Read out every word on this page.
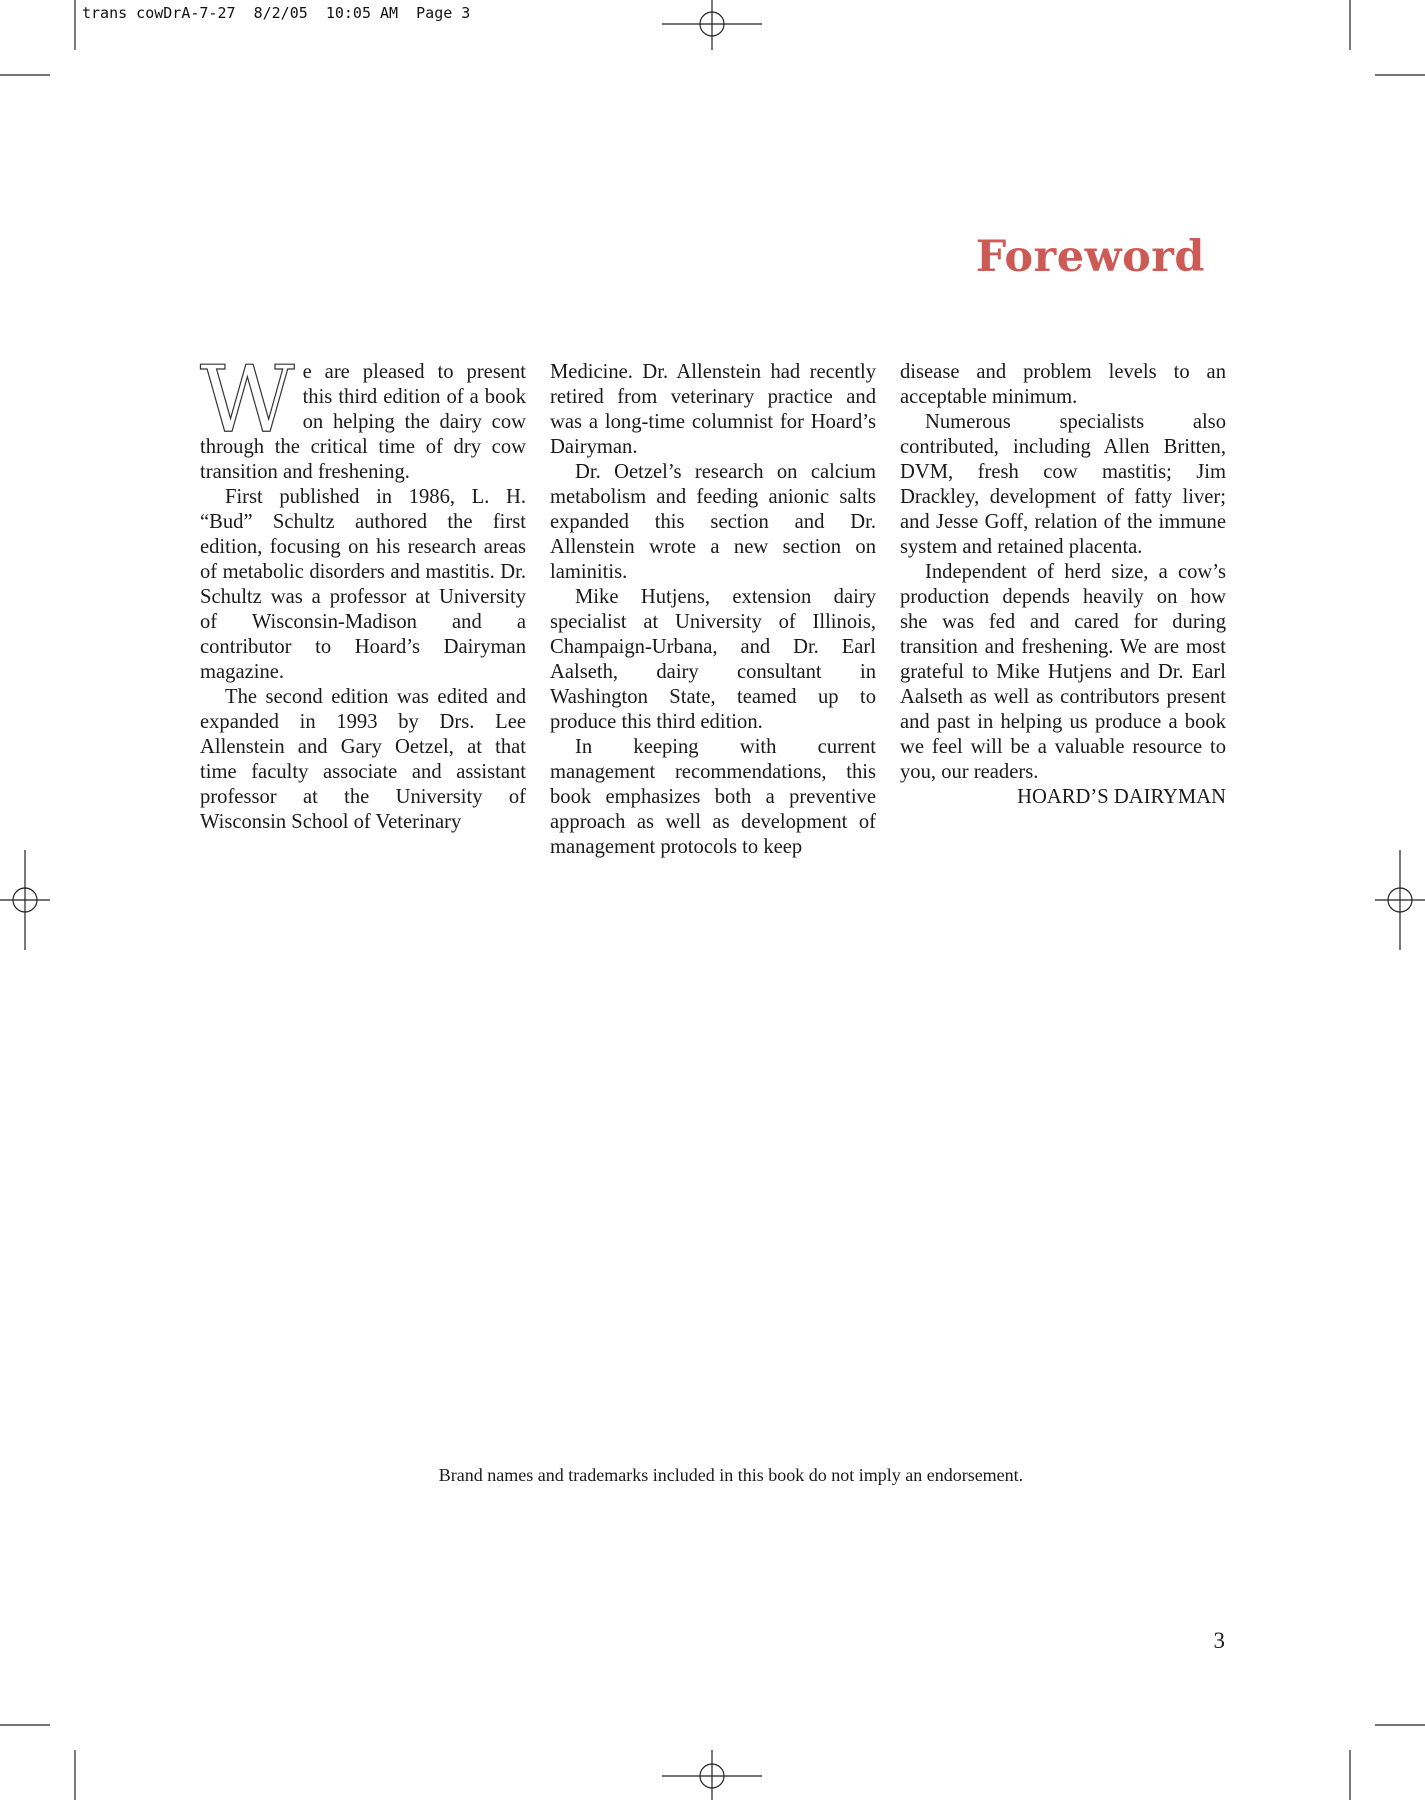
trans cowDrA-7-27  8/2/05  10:05 AM  Page 3
Foreword

We are pleased to present this third edition of a book on helping the dairy cow through the critical time of dry cow transition and freshening.

First published in 1986, L. H. “Bud” Schultz authored the first edition, focusing on his research areas of metabolic disorders and mastitis. Dr. Schultz was a professor at University of Wisconsin-Madison and a contributor to Hoard’s Dairyman magazine.

The second edition was edited and expanded in 1993 by Drs. Lee Allenstein and Gary Oetzel, at that time faculty associate and assistant professor at the University of Wisconsin School of Veterinary

Medicine. Dr. Allenstein had recently retired from veterinary practice and was a long-time columnist for Hoard’s Dairyman.

Dr. Oetzel’s research on calcium metabolism and feeding anionic salts expanded this section and Dr. Allenstein wrote a new section on laminitis.

Mike Hutjens, extension dairy specialist at University of Illinois, Champaign-Urbana, and Dr. Earl Aalseth, dairy consultant in Washington State, teamed up to produce this third edition.

In keeping with current management recommendations, this book emphasizes both a preventive approach as well as development of management protocols to keep

disease and problem levels to an acceptable minimum.

Numerous specialists also contributed, including Allen Britten, DVM, fresh cow mastitis; Jim Drackley, development of fatty liver; and Jesse Goff, relation of the immune system and retained placenta.

Independent of herd size, a cow’s production depends heavily on how she was fed and cared for during transition and freshening. We are most grateful to Mike Hutjens and Dr. Earl Aalseth as well as contributors present and past in helping us produce a book we feel will be a valuable resource to you, our readers.

HOARD’S DAIRYMAN
Brand names and trademarks included in this book do not imply an endorsement.
3
